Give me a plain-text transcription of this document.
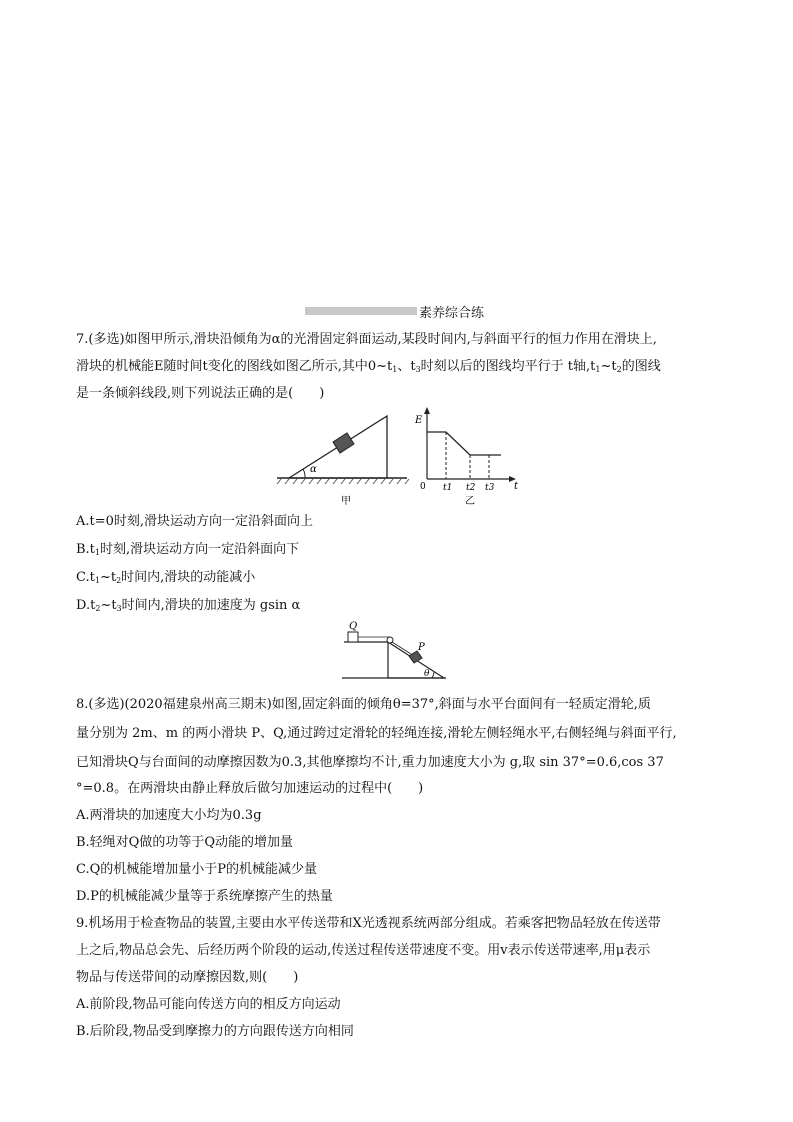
素养综合练
7.(多选)如图甲所示,滑块沿倾角为α的光滑固定斜面运动,某段时间内,与斜面平行的恒力作用在滑块上,
滑块的机械能E随时间t变化的图线如图乙所示,其中$0\sim t_1$、$t_3$时刻以后的图线均平行于 t轴$,t_1\sim t_2$的图线
是一条倾斜线段,则下列说法正确的是(　　)
α
甲
E
0	t
t1 t2 t3
乙
A.t=0时刻,滑块运动方向一定沿斜面向上
$B.t_1$时刻,滑块运动方向一定沿斜面向下
$C.t_1\sim t_2$时间内,滑块的动能减小
$D.t_2\sim t_3$时间内,滑块的加速度为 gsin α
Q
P
θ
8.(多选)(2020福建泉州高三期末)如图,固定斜面的倾角θ=37°,斜面与水平台面间有一轻质定滑轮,质
量分别为 2m、m 的两小滑块 P、Q,通过跨过定滑轮的轻绳连接,滑轮左侧轻绳水平,右侧轻绳与斜面平行,
已知滑块Q与台面间的动摩擦因数为0.3,其他摩擦均不计,重力加速度大小为 g,取 sin 37°=0.6,cos 37
°=0.8。在两滑块由静止释放后做匀加速运动的过程中(　　)
A.两滑块的加速度大小均为0.3g
B.轻绳对Q做的功等于Q动能的增加量
C.Q的机械能增加量小于P的机械能减少量
D.P的机械能减少量等于系统摩擦产生的热量
9.机场用于检查物品的装置,主要由水平传送带和X光透视系统两部分组成。若乘客把物品轻放在传送带
上之后,物品总会先、后经历两个阶段的运动,传送过程传送带速度不变。用v表示传送带速率,用μ表示
物品与传送带间的动摩擦因数,则(　　)
A.前阶段,物品可能向传送方向的相反方向运动
B.后阶段,物品受到摩擦力的方向跟传送方向相同
